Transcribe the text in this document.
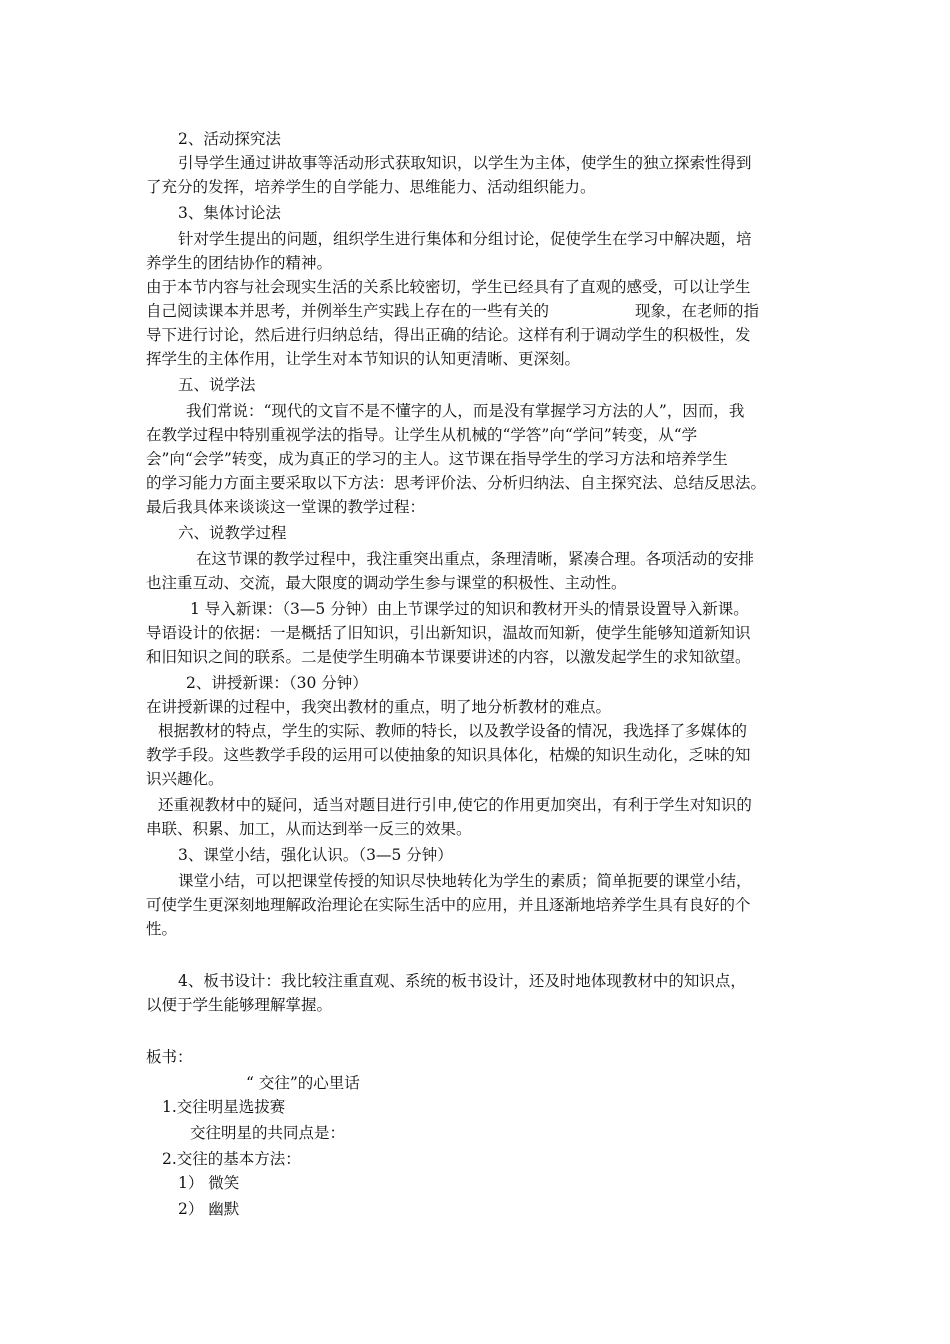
2、活动探究法

引导学生通过讲故事等活动形式获取知识，以学生为主体，使学生的独立探索性得到

了充分的发挥，培养学生的自学能力、思维能力、活动组织能力。

3、集体讨论法

针对学生提出的问题，组织学生进行集体和分组讨论，促使学生在学习中解决题，培

养学生的团结协作的精神。

由于本节内容与社会现实生活的关系比较密切，学生已经具有了直观的感受，可以让学生

自己阅读课本并思考，并例举生产实践上存在的一些有关的	现象，在老师的指

导下进行讨论，然后进行归纳总结，得出正确的结论。这样有利于调动学生的积极性，发

挥学生的主体作用，让学生对本节知识的认知更清晰、更深刻。

五、说学法

我们常说：“现代的文盲不是不懂字的人，而是没有掌握学习方法的人”，因而，我

在教学过程中特别重视学法的指导。让学生从机械的“学答”向“学问”转变，从“学

会”向“会学”转变，成为真正的学习的主人。这节课在指导学生的学习方法和培养学生

的学习能力方面主要采取以下方法：思考评价法、分析归纳法、自主探究法、总结反思法。

最后我具体来谈谈这一堂课的教学过程：

六、说教学过程

在这节课的教学过程中，我注重突出重点，条理清晰，紧凑合理。各项活动的安排

也注重互动、交流，最大限度的调动学生参与课堂的积极性、主动性。

1 导入新课：（3—5 分钟）由上节课学过的知识和教材开头的情景设置导入新课。

导语设计的依据：一是概括了旧知识，引出新知识，温故而知新，使学生能够知道新知识

和旧知识之间的联系。二是使学生明确本节课要讲述的内容，以激发起学生的求知欲望。

2、讲授新课：（30 分钟）

在讲授新课的过程中，我突出教材的重点，明了地分析教材的难点。

根据教材的特点，学生的实际、教师的特长，以及教学设备的情况，我选择了多媒体的

教学手段。这些教学手段的运用可以使抽象的知识具体化，枯燥的知识生动化，乏味的知

识兴趣化。

还重视教材中的疑问，适当对题目进行引申,使它的作用更加突出，有利于学生对知识的

串联、积累、加工，从而达到举一反三的效果。

3、课堂小结，强化认识。（3—5 分钟）

课堂小结，可以把课堂传授的知识尽快地转化为学生的素质；简单扼要的课堂小结，

可使学生更深刻地理解政治理论在实际生活中的应用，并且逐渐地培养学生具有良好的个

性。

4、板书设计：我比较注重直观、系统的板书设计，还及时地体现教材中的知识点，

以便于学生能够理解掌握。

板书：

“ 交往”的心里话

1.交往明星选拔赛

交往明星的共同点是：

2.交往的基本方法：

1） 微笑

2） 幽默
